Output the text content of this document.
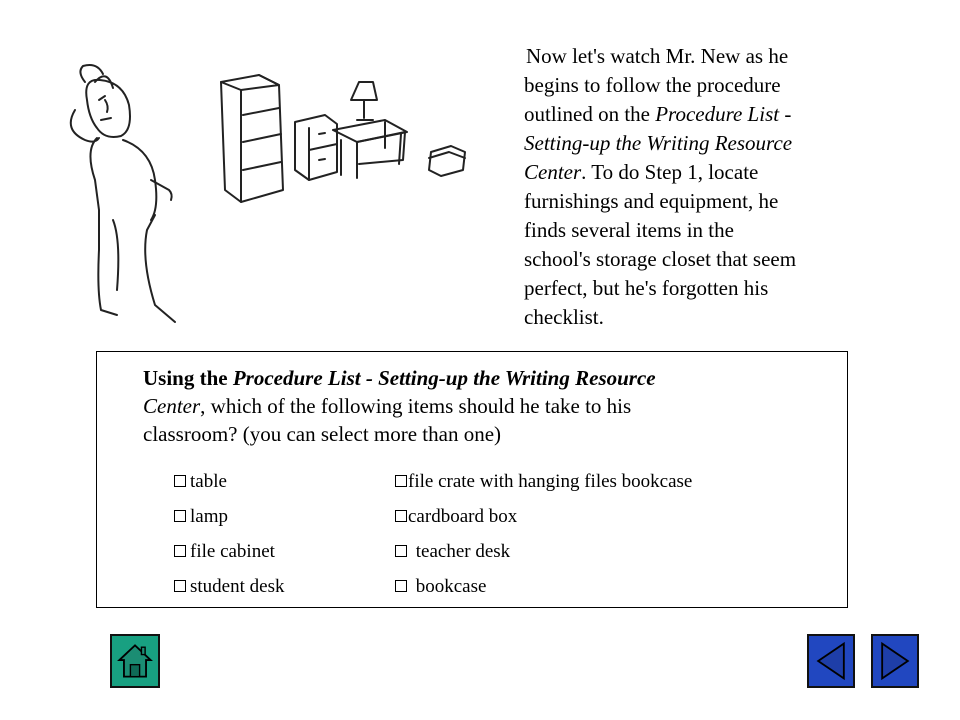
Now let's watch Mr. New as he
begins to follow the procedure
outlined on the Procedure List -
Setting-up the Writing Resource
Center. To do Step 1, locate
furnishings and equipment, he
finds several items in the
school's storage closet that seem
perfect, but he's forgotten his
checklist.
Using the Procedure List - Setting-up the Writing Resource
Center, which of the following items should he take to his
classroom? (you can select more than one)
table	file crate with hanging files bookcase
lamp	cardboard box
file cabinet	teacher desk
student desk	bookcase
